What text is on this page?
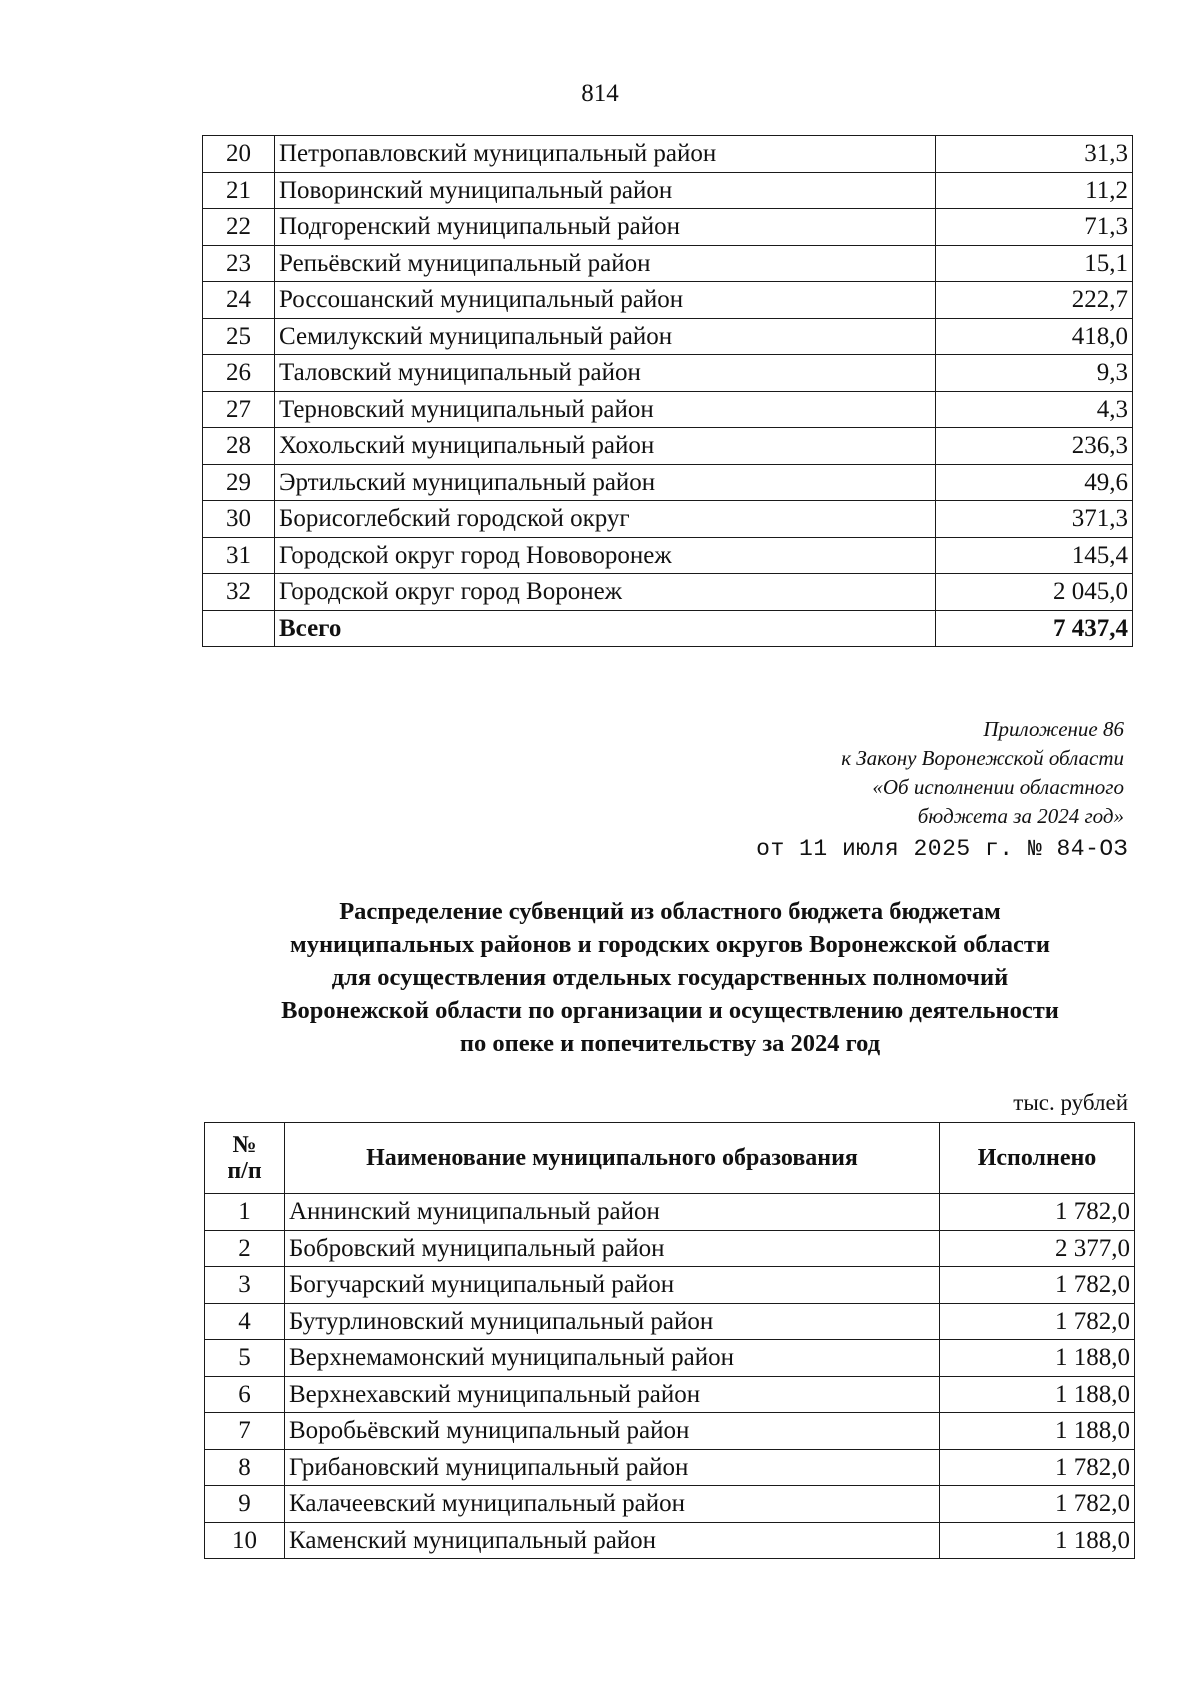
814
20	Петропавловский муниципальный район	31,3
21	Поворинский муниципальный район	11,2
22	Подгоренский муниципальный район	71,3
23	Репьёвский муниципальный район	15,1
24	Россошанский муниципальный район	222,7
25	Семилукский муниципальный район	418,0
26	Таловский муниципальный район	9,3
27	Терновский муниципальный район	4,3
28	Хохольский муниципальный район	236,3
29	Эртильский муниципальный район	49,6
30	Борисоглебский городской округ	371,3
31	Городской округ город Нововоронеж	145,4
32	Городской округ город Воронеж	2 045,0
	Всего	7 437,4
Приложение 86
к Закону Воронежской области
«Об исполнении областного
бюджета за 2024 год»
от 11 июля 2025 г. № 84-ОЗ
Распределение субвенций из областного бюджета бюджетам
муниципальных районов и городских округов Воронежской области
для осуществления отдельных государственных полномочий
Воронежской области по организации и осуществлению деятельности
по опеке и попечительству за 2024 год
тыс. рублей
№
п/п	Наименование муниципального образования	Исполнено
1	Аннинский муниципальный район	1 782,0
2	Бобровский муниципальный район	2 377,0
3	Богучарский муниципальный район	1 782,0
4	Бутурлиновский муниципальный район	1 782,0
5	Верхнемамонский муниципальный район	1 188,0
6	Верхнехавский муниципальный район	1 188,0
7	Воробьёвский муниципальный район	1 188,0
8	Грибановский муниципальный район	1 782,0
9	Калачеевский муниципальный район	1 782,0
10	Каменский муниципальный район	1 188,0
